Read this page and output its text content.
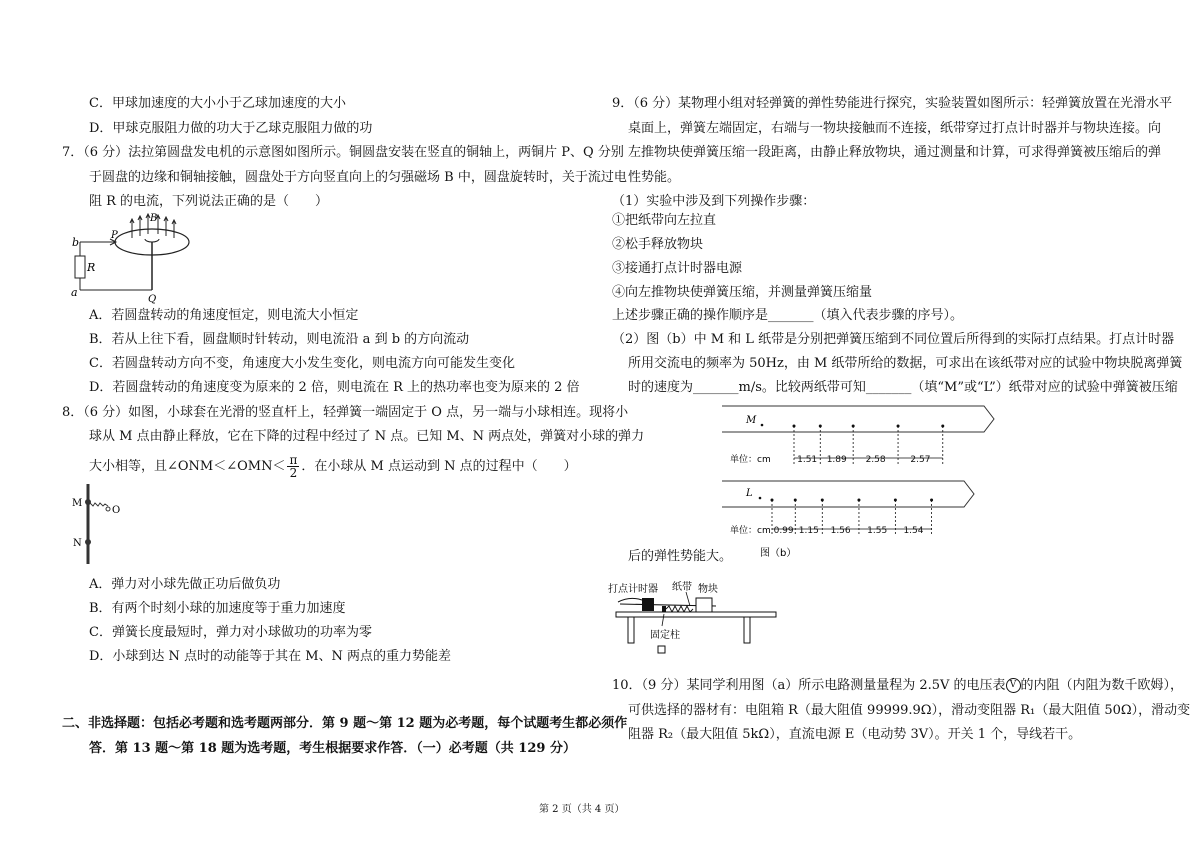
C．甲球加速度的大小小于乙球加速度的大小
D．甲球克服阻力做的功大于乙球克服阻力做的功
7．（6 分）法拉第圆盘发电机的示意图如图所示。铜圆盘安装在竖直的铜轴上，两铜片 P、Q 分别
于圆盘的边缘和铜轴接触，圆盘处于方向竖直向上的匀强磁场 B 中，圆盘旋转时，关于流过电
阻 R 的电流，下列说法正确的是（　　）
b
a
R
P
Q
B
A．若圆盘转动的角速度恒定，则电流大小恒定
B．若从上往下看，圆盘顺时针转动，则电流沿 a 到 b 的方向流动
C．若圆盘转动方向不变，角速度大小发生变化，则电流方向可能发生变化
D．若圆盘转动的角速度变为原来的 2 倍，则电流在 R 上的热功率也变为原来的 2 倍
8．（6 分）如图，小球套在光滑的竖直杆上，轻弹簧一端固定于 O 点，另一端与小球相连。现将小
球从 M 点由静止释放，它在下降的过程中经过了 N 点。已知 M、N 两点处，弹簧对小球的弹力
大小相等，且∠ONM＜∠OMN＜ $\frac{\pi}{2}$ ．在小球从 M 点运动到 N 点的过程中（　　）
M
O
N
A．弹力对小球先做正功后做负功
B．有两个时刻小球的加速度等于重力加速度
C．弹簧长度最短时，弹力对小球做功的功率为零
D．小球到达 N 点时的动能等于其在 M、N 两点的重力势能差
二、非选择题：包括必考题和选考题两部分．第 9 题～第 12 题为必考题，每个试题考生都必须作
答．第 13 题～第 18 题为选考题，考生根据要求作答．（一）必考题（共 129 分）
9．（6 分）某物理小组对轻弹簧的弹性势能进行探究，实验装置如图所示：轻弹簧放置在光滑水平
桌面上，弹簧左端固定，右端与一物块接触而不连接，纸带穿过打点计时器并与物块连接。向
左推物块使弹簧压缩一段距离，由静止释放物块，通过测量和计算，可求得弹簧被压缩后的弹
性势能。
（1）实验中涉及到下列操作步骤：
①把纸带向左拉直
②松手释放物块
③接通打点计时器电源
④向左推物块使弹簧压缩，并测量弹簧压缩量
上述步骤正确的操作顺序是_______（填入代表步骤的序号）。
（2）图（b）中 M 和 L 纸带是分别把弹簧压缩到不同位置后所得到的实际打点结果。打点计时器
所用交流电的频率为 50Hz，由 M 纸带所给的数据，可求出在该纸带对应的试验中物块脱离弹簧
时的速度为_______m/s。比较两纸带可知_______（填“M”或“L”）纸带对应的试验中弹簧被压缩
M
单位：cm	1.51 1.89 2.58	2.57
L
单位：cm 0.99 1.15 1.56 1.55 1.54
图（b）
后的弹性势能大。
打点计时器 纸带 物块
固定柱
10．（9 分）某同学利用图（a）所示电路测量量程为 2.5V 的电压表 V 的内阻（内阻为数千欧姆），
可供选择的器材有：电阻箱 R（最大阻值 99999.9Ω），滑动变阻器 R₁（最大阻值 50Ω），滑动变
阻器 R₂（最大阻值 5kΩ），直流电源 E（电动势 3V）。开关 1 个，导线若干。
第 2 页（共 4 页）
